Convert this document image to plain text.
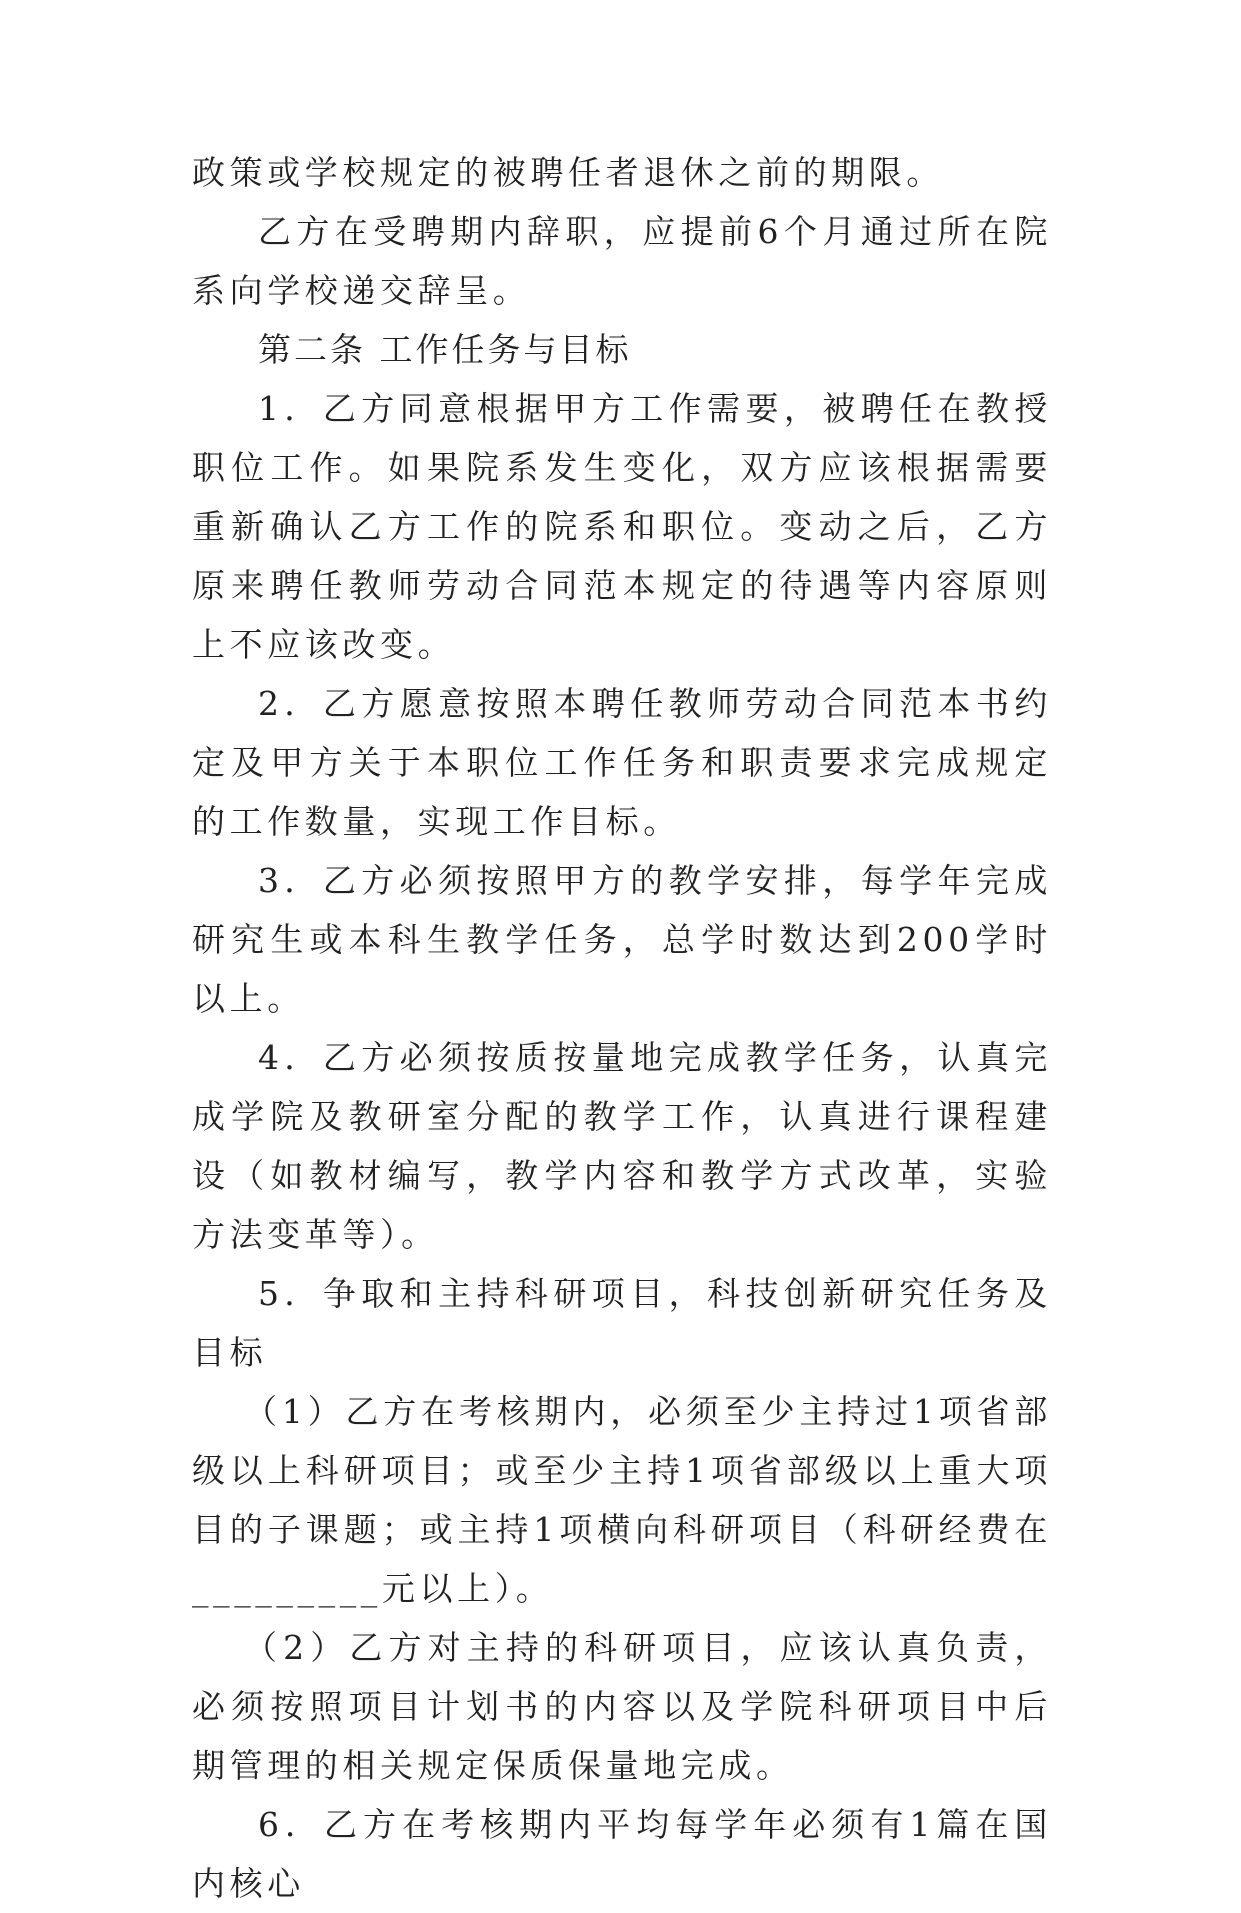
政策或学校规定的被聘任者退休之前的期限。

乙方在受聘期内辞职，应提前6个月通过所在院系向学校递交辞呈。

第二条 工作任务与目标

1．乙方同意根据甲方工作需要，被聘任在教授职位工作。如果院系发生变化，双方应该根据需要重新确认乙方工作的院系和职位。变动之后，乙方原来聘任教师劳动合同范本规定的待遇等内容原则上不应该改变。

2．乙方愿意按照本聘任教师劳动合同范本书约定及甲方关于本职位工作任务和职责要求完成规定的工作数量，实现工作目标。

3．乙方必须按照甲方的教学安排，每学年完成研究生或本科生教学任务，总学时数达到200学时以上。

4．乙方必须按质按量地完成教学任务，认真完成学院及教研室分配的教学工作，认真进行课程建设（如教材编写，教学内容和教学方式改革，实验方法变革等）。

5．争取和主持科研项目，科技创新研究任务及目标

（1）乙方在考核期内，必须至少主持过1项省部级以上科研项目；或至少主持1项省部级以上重大项目的子课题；或主持1项横向科研项目（科研经费在_________元以上）。

（2）乙方对主持的科研项目，应该认真负责，必须按照项目计划书的内容以及学院科研项目中后期管理的相关规定保质保量地完成。

6．乙方在考核期内平均每学年必须有1篇在国内核心
